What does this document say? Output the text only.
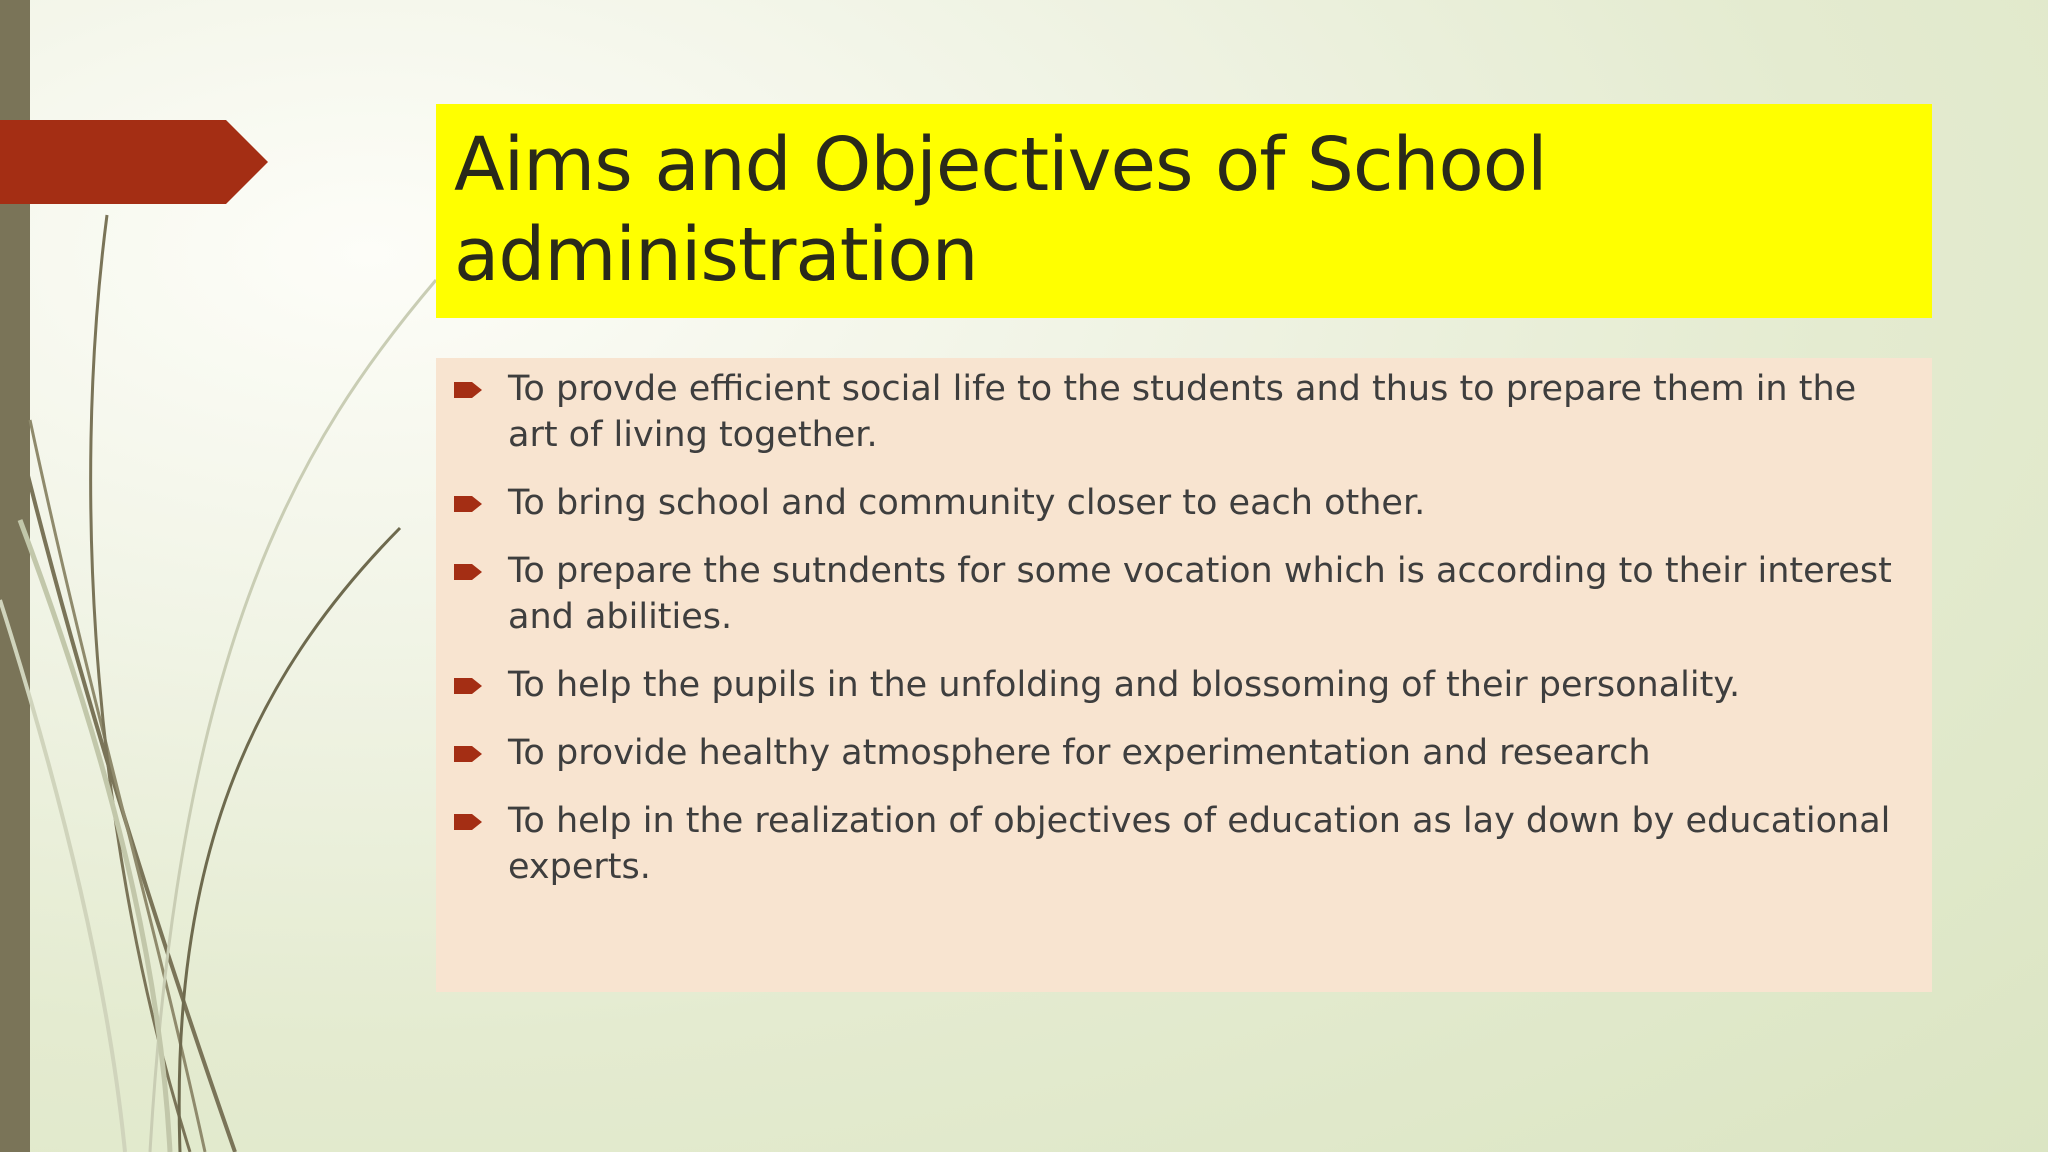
Aims and Objectives of School administration
To provde efficient social life to the students and thus to prepare them in the art of living together.
To bring school and community closer to each other.
To prepare the sutndents for some vocation which is according to their interest and abilities.
To help the pupils in the unfolding and blossoming of their personality.
To provide healthy atmosphere for experimentation and research
To help in the realization of objectives of education as lay down by educational experts.
